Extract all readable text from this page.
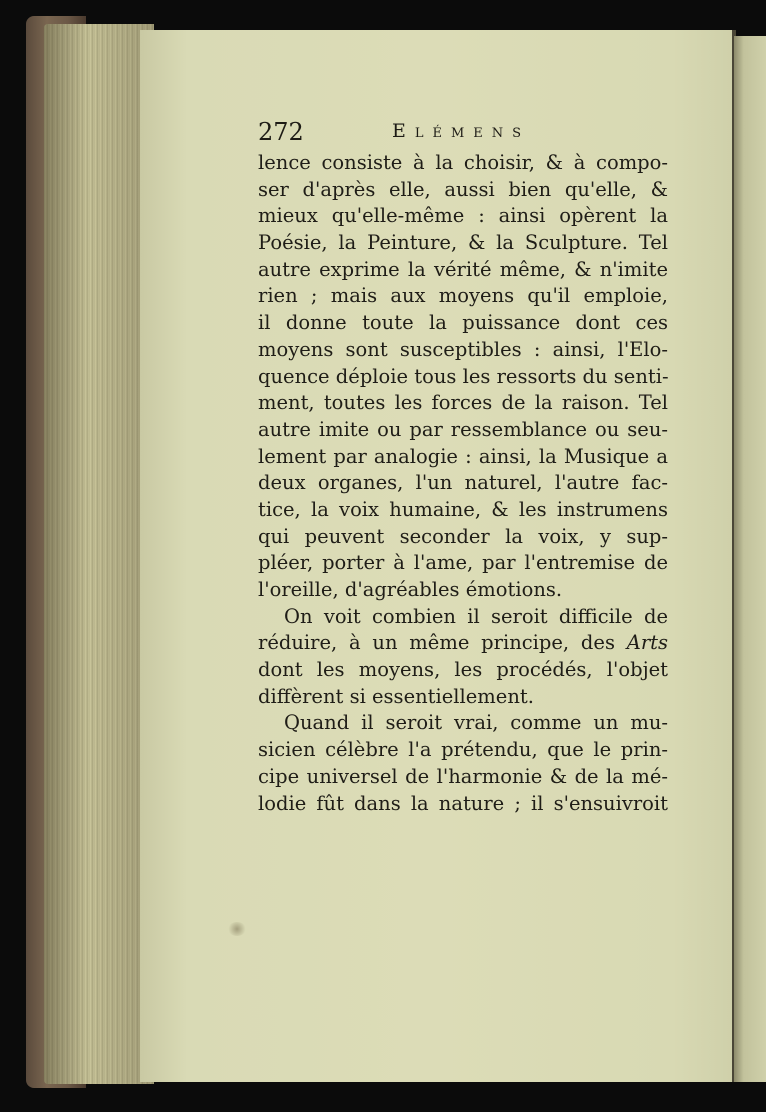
272	Elémens
lence consiste à la choisir, & à compo-
ser d'après elle, aussi bien qu'elle, &
mieux qu'elle-même : ainsi opèrent la
Poésie, la Peinture, & la Sculpture. Tel
autre exprime la vérité même, & n'imite
rien ; mais aux moyens qu'il emploie,
il donne toute la puissance dont ces
moyens sont susceptibles : ainsi, l'Elo-
quence déploie tous les ressorts du senti-
ment, toutes les forces de la raison. Tel
autre imite ou par ressemblance ou seu-
lement par analogie : ainsi, la Musique a
deux organes, l'un naturel, l'autre fac-
tice, la voix humaine, & les instrumens
qui peuvent seconder la voix, y sup-
pléer, porter à l'ame, par l'entremise de
l'oreille, d'agréables émotions.
On voit combien il seroit difficile de
réduire, à un même principe, des Arts
dont les moyens, les procédés, l'objet
diffèrent si essentiellement.
Quand il seroit vrai, comme un mu-
sicien célèbre l'a prétendu, que le prin-
cipe universel de l'harmonie & de la mé-
lodie fût dans la nature ; il s'ensuivroit
